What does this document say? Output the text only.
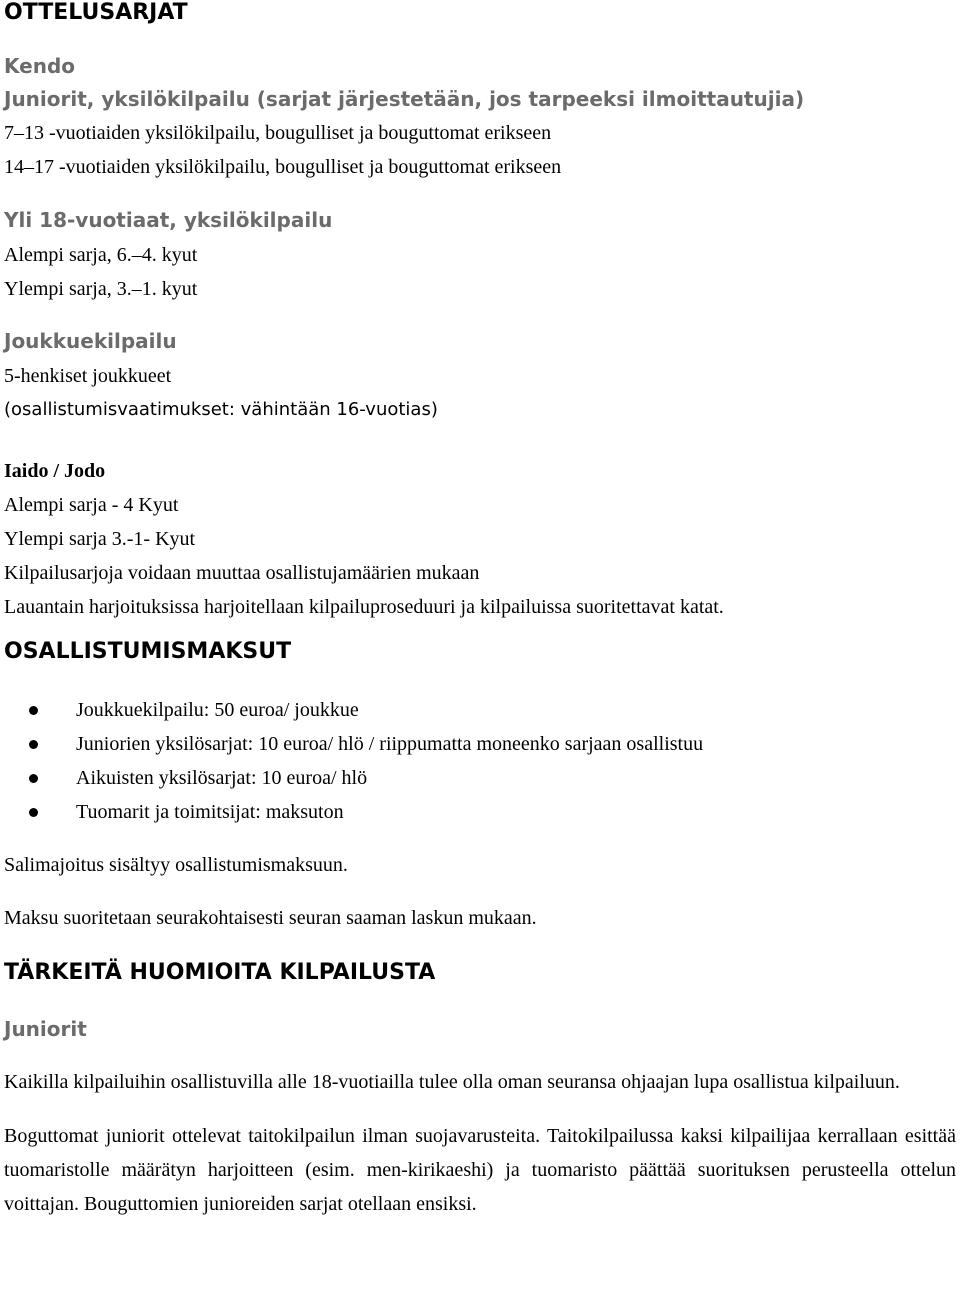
OTTELUSARJAT
Kendo
Juniorit, yksilökilpailu (sarjat järjestetään, jos tarpeeksi ilmoittautujia)
7–13 -vuotiaiden yksilökilpailu, bougulliset ja bouguttomat erikseen
14–17 -vuotiaiden yksilökilpailu, bougulliset ja bouguttomat erikseen
Yli 18-vuotiaat, yksilökilpailu
Alempi sarja, 6.–4. kyut
Ylempi sarja, 3.–1. kyut
Joukkuekilpailu
5-henkiset joukkueet
(osallistumisvaatimukset: vähintään 16-vuotias)
Iaido / Jodo
Alempi sarja - 4 Kyut
Ylempi sarja 3.-1- Kyut
Kilpailusarjoja voidaan muuttaa osallistujamäärien mukaan
Lauantain harjoituksissa harjoitellaan kilpailuproseduuri ja kilpailuissa suoritettavat katat.
OSALLISTUMISMAKSUT
Joukkuekilpailu: 50 euroa/ joukkue
Juniorien yksilösarjat: 10 euroa/ hlö / riippumatta moneenko sarjaan osallistuu
Aikuisten yksilösarjat: 10 euroa/ hlö
Tuomarit ja toimitsijat: maksuton
Salimajoitus sisältyy osallistumismaksuun.
Maksu suoritetaan seurakohtaisesti seuran saaman laskun mukaan.
TÄRKEITÄ HUOMIOITA KILPAILUSTA
Juniorit
Kaikilla kilpailuihin osallistuvilla alle 18-vuotiailla tulee olla oman seuransa ohjaajan lupa osallistua kilpailuun.
Boguttomat juniorit ottelevat taitokilpailun ilman suojavarusteita. Taitokilpailussa kaksi kilpailijaa kerrallaan esittää tuomaristolle määrätyn harjoitteen (esim. men-kirikaeshi) ja tuomaristo päättää suorituksen perusteella ottelun voittajan. Bouguttomien junioreiden sarjat otellaan ensiksi.
